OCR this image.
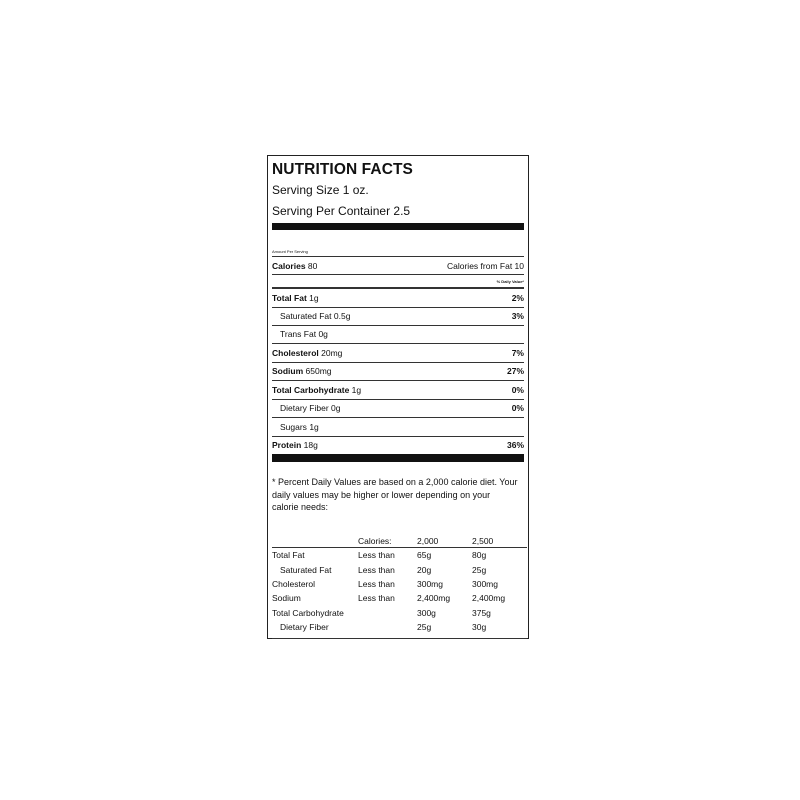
NUTRITION FACTS
Serving Size 1 oz.
Serving Per Container 2.5
Amount Per Serving
Calories 80	Calories from Fat 10
% Daily Value*
Total Fat 1g	2%
Saturated Fat 0.5g	3%
Trans Fat 0g
Cholesterol 20mg	7%
Sodium 650mg	27%
Total Carbohydrate 1g	0%
Dietary Fiber 0g	0%
Sugars 1g
Protein 18g	36%
* Percent Daily Values are based on a 2,000 calorie diet. Your daily values may be higher or lower depending on your calorie needs:
	Calories:	2,000	2,500
Total Fat	Less than	65g	80g
Saturated Fat	Less than	20g	25g
Cholesterol	Less than	300mg	300mg
Sodium	Less than	2,400mg	2,400mg
Total Carbohydrate		300g	375g
Dietary Fiber		25g	30g
